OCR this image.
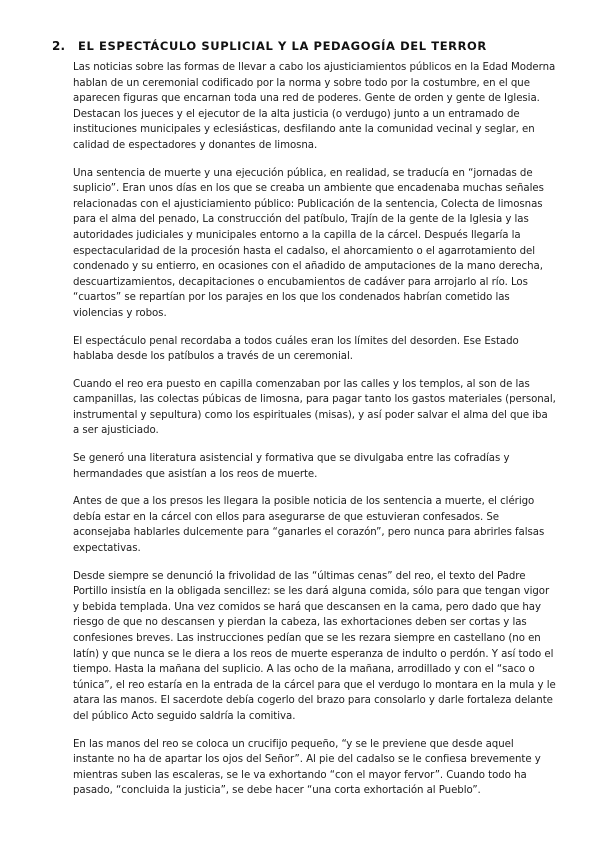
2.	EL ESPECTÁCULO SUPLICIAL Y LA PEDAGOGÍA DEL TERROR

Las noticias sobre las formas de llevar a cabo los ajusticiamientos públicos en la Edad Moderna hablan de un ceremonial codificado por la norma y sobre todo por la costumbre, en el que aparecen figuras que encarnan toda una red de poderes. Gente de orden y gente de Iglesia. Destacan los jueces y el ejecutor de la alta justicia (o verdugo) junto a un entramado de instituciones municipales y eclesiásticas, desfilando ante la comunidad vecinal y seglar, en calidad de espectadores y donantes de limosna.

Una sentencia de muerte y una ejecución pública, en realidad, se traducía en “jornadas de suplicio”. Eran unos días en los que se creaba un ambiente que encadenaba muchas señales relacionadas con el ajusticiamiento público: Publicación de la sentencia, Colecta de limosnas para el alma del penado, La construcción del patíbulo, Trajín de la gente de la Iglesia y las autoridades judiciales y municipales entorno a la capilla de la cárcel. Después llegaría la espectacularidad de la procesión hasta el cadalso, el ahorcamiento o el agarrotamiento del condenado y su entierro, en ocasiones con el añadido de amputaciones de la mano derecha, descuartizamientos, decapitaciones o encubamientos de cadáver para arrojarlo al río. Los “cuartos” se repartían por los parajes en los que los condenados habrían cometido las violencias y robos.

El espectáculo penal recordaba a todos cuáles eran los límites del desorden. Ese Estado hablaba desde los patíbulos a través de un ceremonial.

Cuando el reo era puesto en capilla comenzaban por las calles y los templos, al son de las campanillas, las colectas púbicas de limosna, para pagar tanto los gastos materiales (personal, instrumental y sepultura) como los espirituales (misas), y así poder salvar el alma del que iba a ser ajusticiado.

Se generó una literatura asistencial y formativa que se divulgaba entre las cofradías y hermandades que asistían a los reos de muerte.

Antes de que a los presos les llegara la posible noticia de los sentencia a muerte, el clérigo debía estar en la cárcel con ellos para asegurarse de que estuvieran confesados. Se aconsejaba hablarles dulcemente para “ganarles el corazón”, pero nunca para abrirles falsas expectativas.

Desde siempre se denunció la frivolidad de las “últimas cenas” del reo, el texto del Padre Portillo insistía en la obligada sencillez: se les dará alguna comida, sólo para que tengan vigor y bebida templada. Una vez comidos se hará que descansen en la cama, pero dado que hay riesgo de que no descansen y pierdan la cabeza, las exhortaciones deben ser cortas y las confesiones breves. Las instrucciones pedían que se les rezara siempre en castellano (no en latín) y que nunca se le diera a los reos de muerte esperanza de indulto o perdón. Y así todo el tiempo. Hasta la mañana del suplicio. A las ocho de la mañana, arrodillado y con el “saco o túnica”, el reo estaría en la entrada de la cárcel para que el verdugo lo montara en la mula y le atara las manos. El sacerdote debía cogerlo del brazo para consolarlo y darle fortaleza delante del público Acto seguido saldría la comitiva.

En las manos del reo se coloca un crucifijo pequeño, “y se le previene que desde aquel instante no ha de apartar los ojos del Señor”. Al pie del cadalso se le confiesa brevemente y mientras suben las escaleras, se le va exhortando “con el mayor fervor”. Cuando todo ha pasado, “concluida la justicia”, se debe hacer “una corta exhortación al Pueblo”.
